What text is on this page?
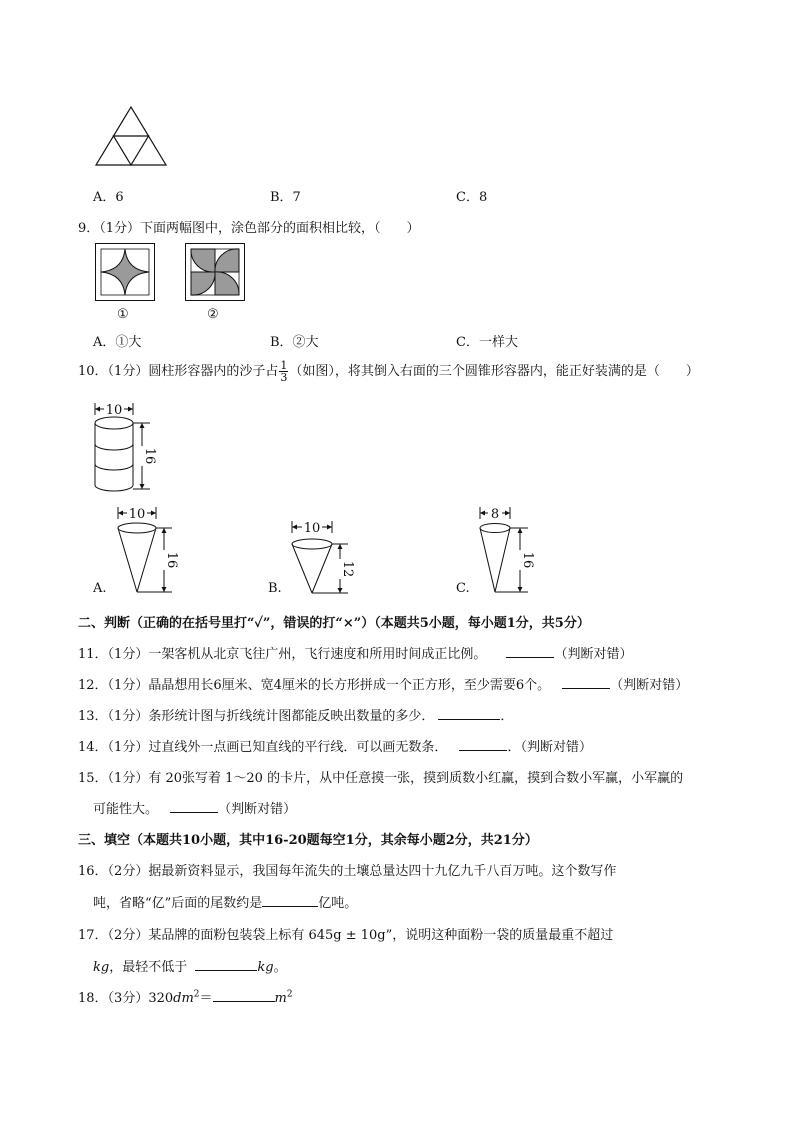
A．6	B．7	C．8
9．（1分）下面两幅图中，涂色部分的面积相比较，（　　）
①	②
A．①大	B．②大	C．一样大
10．（1分）圆柱形容器内的沙子占 $\frac{1}{3}$ （如图），将其倒入右面的三个圆锥形容器内，能正好装满的是（　　）
10
16
10
16
A.
10
12
B.
8
16
C.
二、判断（正确的在括号里打“✓”，错误的打“×”）（本题共5小题，每小题1分，共5分）
11．（1分）一架客机从北京飞往广州，飞行速度和所用时间成正比例。	（判断对错）
12．（1分）晶晶想用长6厘米、宽4厘米的长方形拼成一个正方形，至少需要6个。	（判断对错）
13．（1分）条形统计图与折线统计图都能反映出数量的多少．	．
14．（1分）过直线外一点画已知直线的平行线．可以画无数条．	．（判断对错）
15．（1分）有 20张写着 1～20 的卡片，从中任意摸一张，摸到质数小红赢，摸到合数小军赢，小军赢的
可能性大。	（判断对错）
三、填空（本题共10小题，其中16-20题每空1分，其余每小题2分，共21分）
16．（2分）据最新资料显示，我国每年流失的土壤总量达四十九亿九千八百万吨。这个数写作
吨，省略“亿”后面的尾数约是	亿吨。
17．（2分）某品牌的面粉包装袋上标有 645g ± 10g”，说明这种面粉一袋的质量最重不超过
kg，最轻不低于	kg。
18．（3分）$320dm^2=$	$m^2$
